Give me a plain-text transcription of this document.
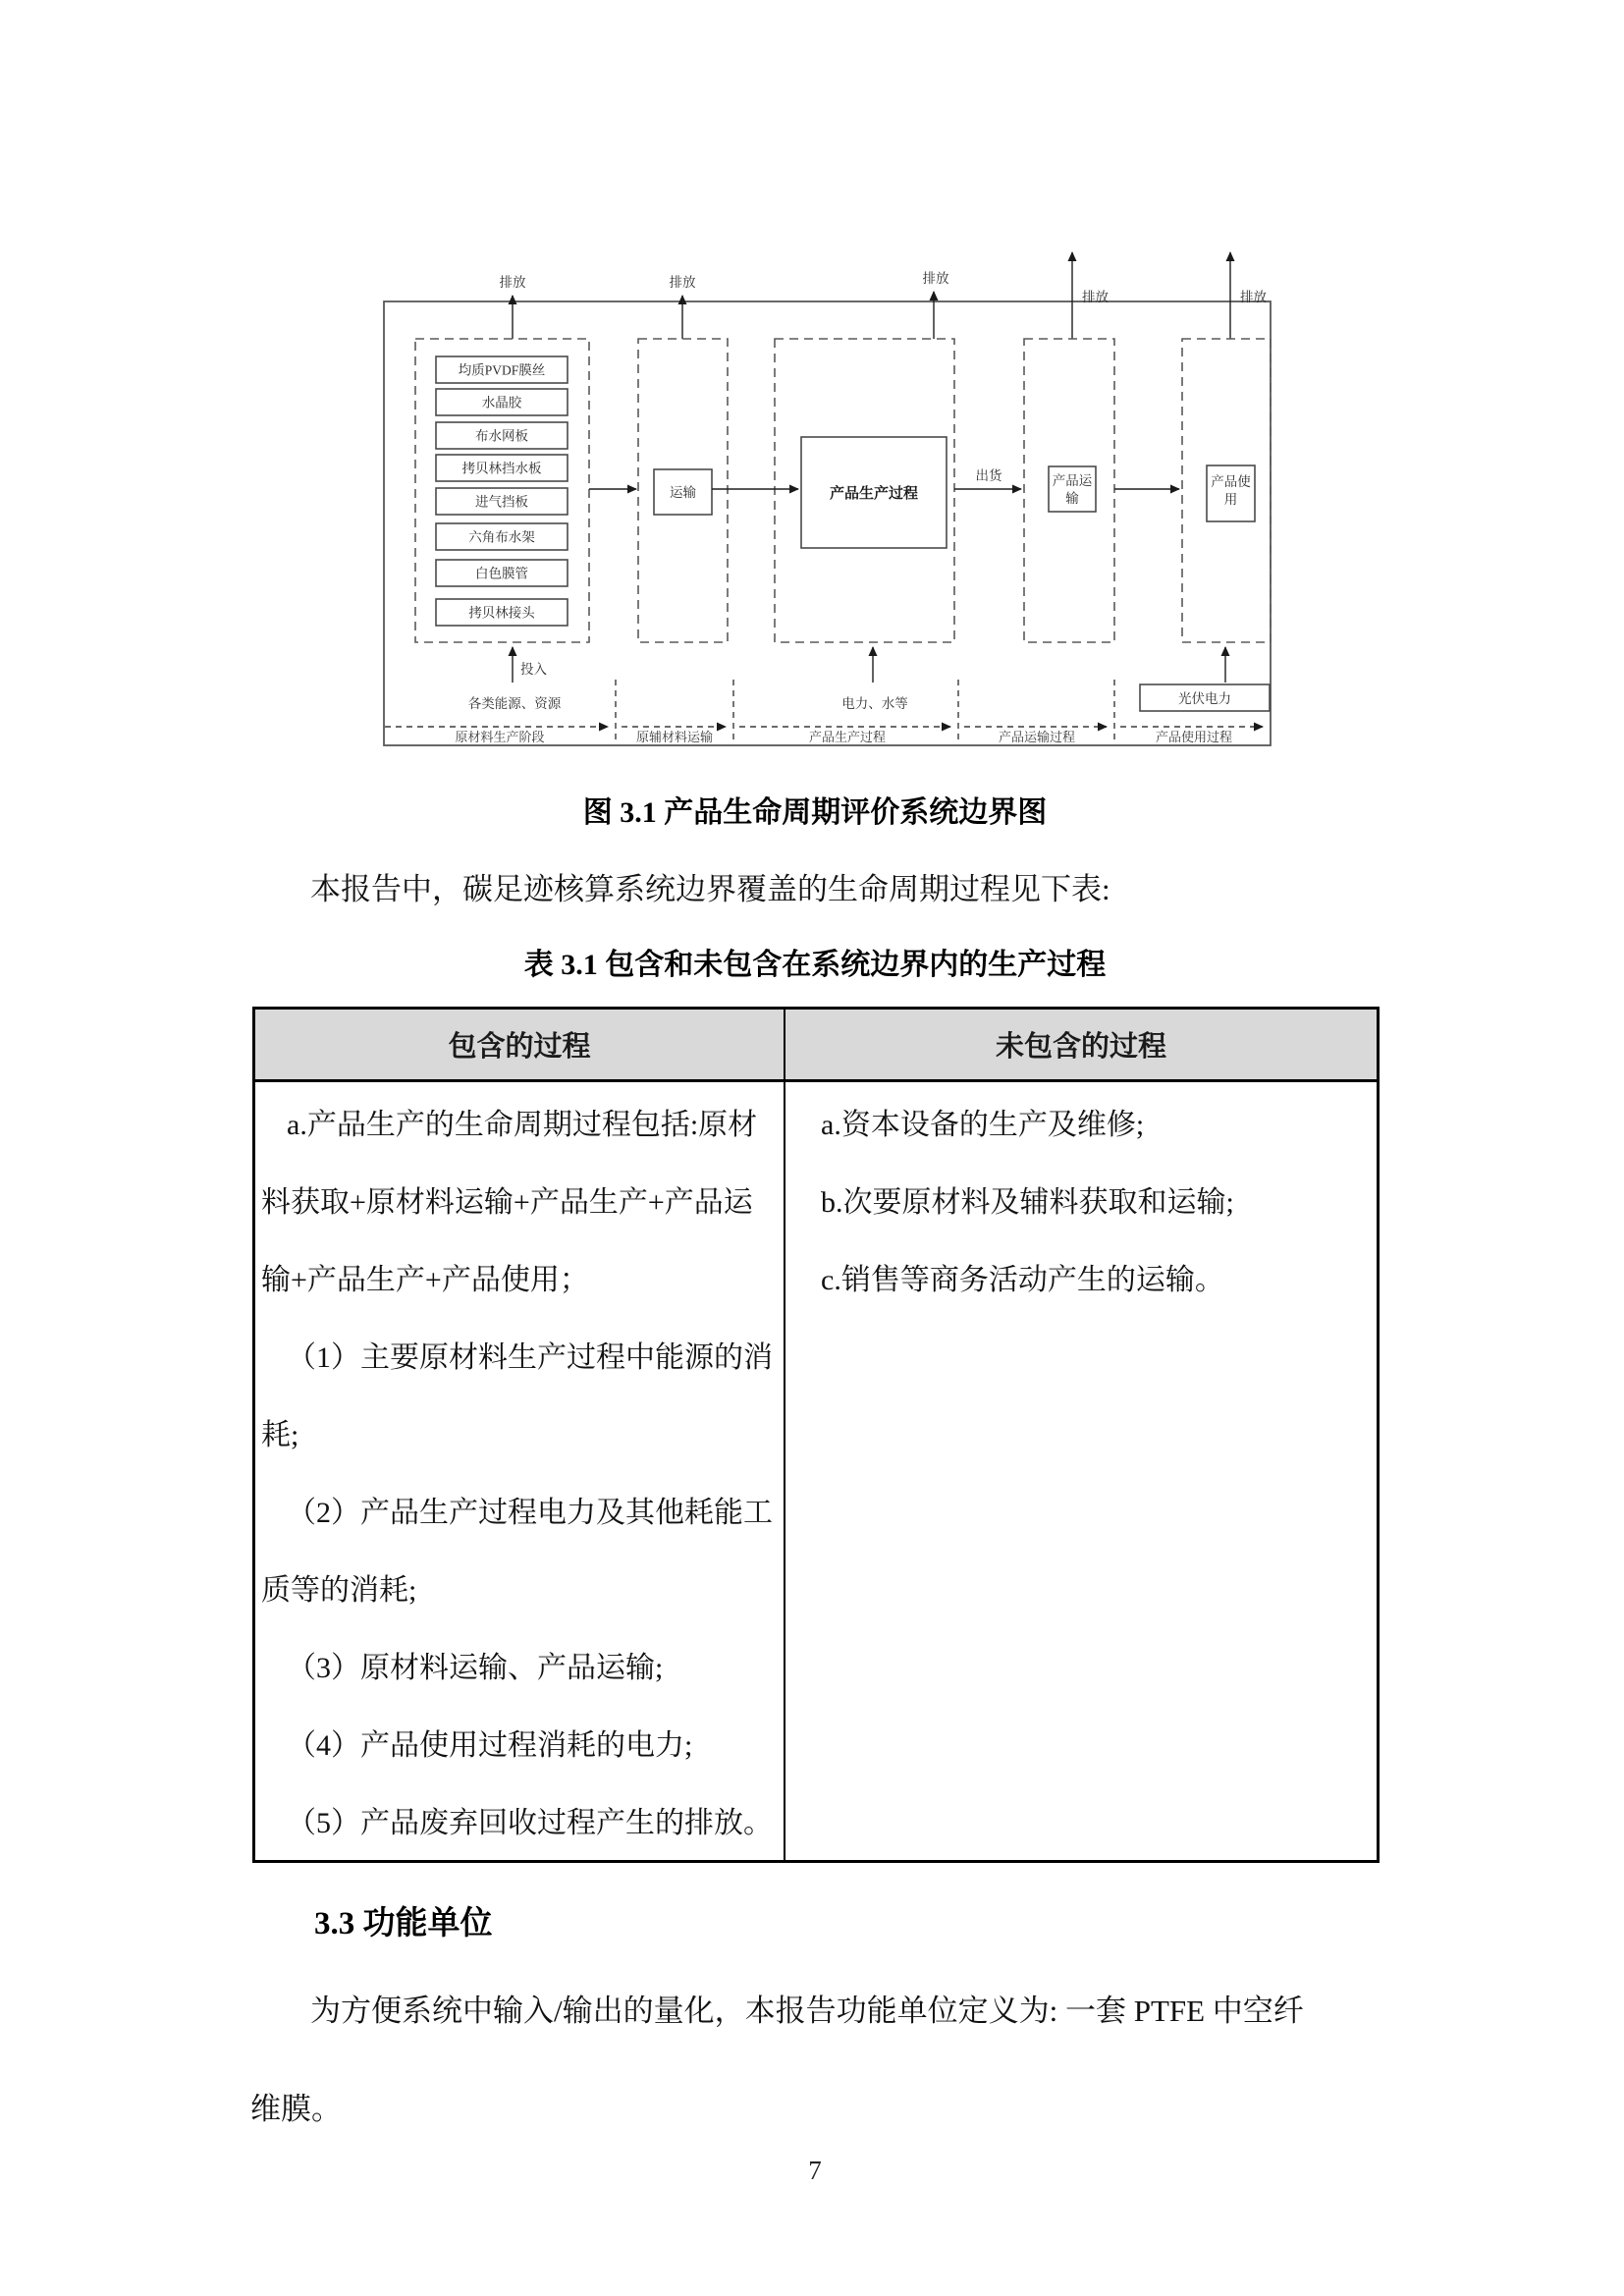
排放	排放	排放
排放	排放
均质PVDF膜丝
水晶胶
布水网板
拷贝林挡水板
进气挡板
六角布水架
白色膜管
拷贝林接头
运输	产品生产过程
产品运
输
产品使
用
出货
投入
各类能源、资源	电力、水等	光伏电力
原材料生产阶段	原辅材料运输	产品生产过程	产品运输过程	产品使用过程
图 3.1 产品生命周期评价系统边界图
本报告中，碳足迹核算系统边界覆盖的生命周期过程见下表:
表 3.1 包含和未包含在系统边界内的生产过程
包含的过程	未包含的过程
a.产品生产的生命周期过程包括:原材
料获取+原材料运输+产品生产+产品运
输+产品生产+产品使用；
（1）主要原材料生产过程中能源的消
耗;
（2）产品生产过程电力及其他耗能工
质等的消耗;
（3）原材料运输、产品运输;
（4）产品使用过程消耗的电力;
（5）产品废弃回收过程产生的排放。
a.资本设备的生产及维修;
b.次要原材料及辅料获取和运输;
c.销售等商务活动产生的运输。
3.3 功能单位
为方便系统中输入/输出的量化，本报告功能单位定义为: 一套 PTFE 中空纤
维膜。
7
